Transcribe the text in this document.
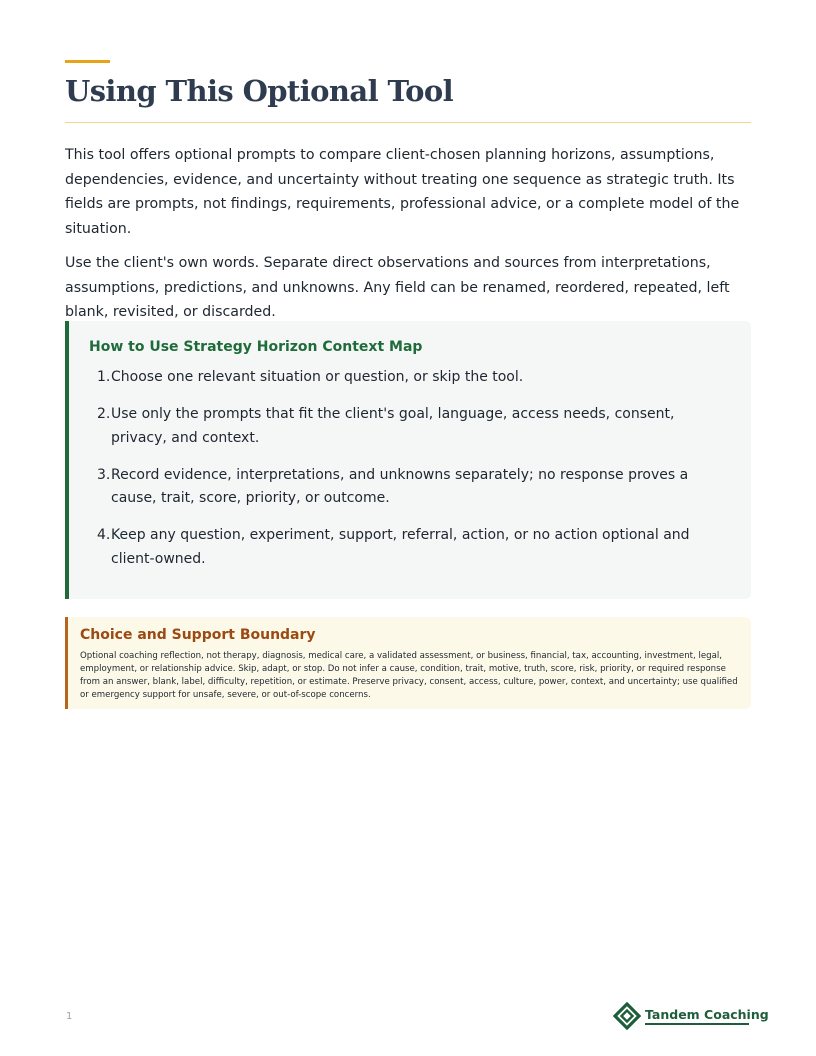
Using This Optional Tool

This tool offers optional prompts to compare client-chosen planning horizons, assumptions, dependencies, evidence, and uncertainty without treating one sequence as strategic truth. Its fields are prompts, not findings, requirements, professional advice, or a complete model of the situation.

Use the client's own words. Separate direct observations and sources from interpretations, assumptions, predictions, and unknowns. Any field can be renamed, reordered, repeated, left blank, revisited, or discarded.

How to Use Strategy Horizon Context Map
1. Choose one relevant situation or question, or skip the tool.
2. Use only the prompts that fit the client's goal, language, access needs, consent, privacy, and context.
3. Record evidence, interpretations, and unknowns separately; no response proves a cause, trait, score, priority, or outcome.
4. Keep any question, experiment, support, referral, action, or no action optional and client-owned.
Choice and Support Boundary

Optional coaching reflection, not therapy, diagnosis, medical care, a validated assessment, or business, financial, tax, accounting, investment, legal, employment, or relationship advice. Skip, adapt, or stop. Do not infer a cause, condition, trait, motive, truth, score, risk, priority, or required response from an answer, blank, label, difficulty, repetition, or estimate. Preserve privacy, consent, access, culture, power, context, and uncertainty; use qualified or emergency support for unsafe, severe, or out-of-scope concerns.

1	Tandem Coaching
